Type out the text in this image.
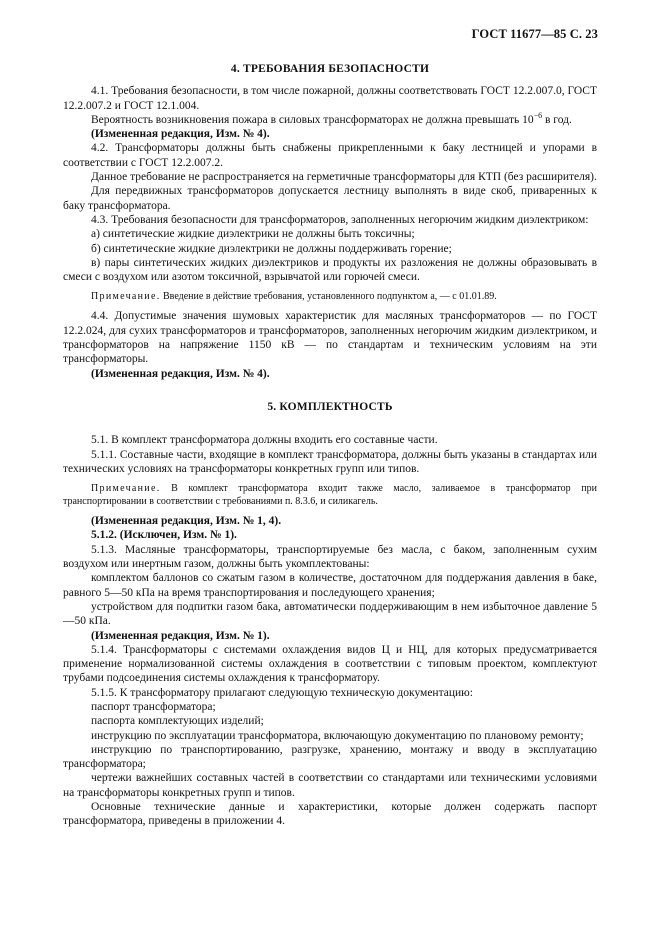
ГОСТ 11677—85 С. 23

4. ТРЕБОВАНИЯ БЕЗОПАСНОСТИ

4.1. Требования безопасности, в том числе пожарной, должны соответствовать ГОСТ 12.2.007.0, ГОСТ 12.2.007.2 и ГОСТ 12.1.004.

Вероятность возникновения пожара в силовых трансформаторах не должна превышать $10^{-6}$ в год.

(Измененная редакция, Изм. № 4).

4.2. Трансформаторы должны быть снабжены прикрепленными к баку лестницей и упорами в соответствии с ГОСТ 12.2.007.2.

Данное требование не распространяется на герметичные трансформаторы для КТП (без расширителя).

Для передвижных трансформаторов допускается лестницу выполнять в виде скоб, приваренных к баку трансформатора.

4.3. Требования безопасности для трансформаторов, заполненных негорючим жидким диэлектриком:

а) синтетические жидкие диэлектрики не должны быть токсичны;

б) синтетические жидкие диэлектрики не должны поддерживать горение;

в) пары синтетических жидких диэлектриков и продукты их разложения не должны образовывать в смеси с воздухом или азотом токсичной, взрывчатой или горючей смеси.

Примечание. Введение в действие требования, установленного подпунктом а, — с 01.01.89.

4.4. Допустимые значения шумовых характеристик для масляных трансформаторов — по ГОСТ 12.2.024, для сухих трансформаторов и трансформаторов, заполненных негорючим жидким диэлектриком, и трансформаторов на напряжение 1150 кВ — по стандартам и техническим условиям на эти трансформаторы.

(Измененная редакция, Изм. № 4).

5. КОМПЛЕКТНОСТЬ

5.1. В комплект трансформатора должны входить его составные части.

5.1.1. Составные части, входящие в комплект трансформатора, должны быть указаны в стандартах или технических условиях на трансформаторы конкретных групп или типов.

Примечание. В комплект трансформатора входит также масло, заливаемое в трансформатор при транспортировании в соответствии с требованиями п. 8.3.6, и силикагель.

(Измененная редакция, Изм. № 1, 4).

5.1.2. (Исключен, Изм. № 1).

5.1.3. Масляные трансформаторы, транспортируемые без масла, с баком, заполненным сухим воздухом или инертным газом, должны быть укомплектованы:

комплектом баллонов со сжатым газом в количестве, достаточном для поддержания давления в баке, равного 5—50 кПа на время транспортирования и последующего хранения;

устройством для подпитки газом бака, автоматически поддерживающим в нем избыточное давление 5—50 кПа.

(Измененная редакция, Изм. № 1).

5.1.4. Трансформаторы с системами охлаждения видов Ц и НЦ, для которых предусматривается применение нормализованной системы охлаждения в соответствии с типовым проектом, комплектуют трубами подсоединения системы охлаждения к трансформатору.

5.1.5. К трансформатору прилагают следующую техническую документацию:

паспорт трансформатора;

паспорта комплектующих изделий;

инструкцию по эксплуатации трансформатора, включающую документацию по плановому ремонту;

инструкцию по транспортированию, разгрузке, хранению, монтажу и вводу в эксплуатацию трансформатора;

чертежи важнейших составных частей в соответствии со стандартами или техническими условиями на трансформаторы конкретных групп и типов.

Основные технические данные и характеристики, которые должен содержать паспорт трансформатора, приведены в приложении 4.
